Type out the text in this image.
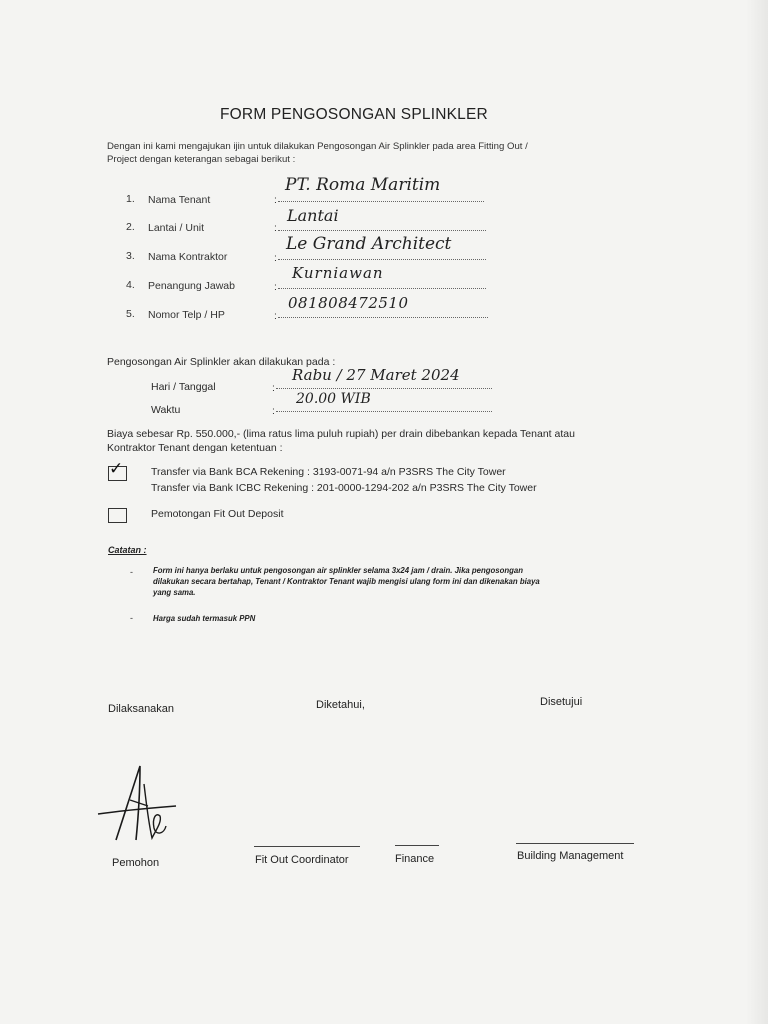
FORM PENGOSONGAN SPLINKLER
Dengan ini kami mengajukan ijin untuk dilakukan Pengosongan Air Splinkler pada area Fitting Out /
Project dengan keterangan sebagai berikut :
1. Nama Tenant	:
PT. Roma Maritim
2. Lantai / Unit	:
Lantai
3. Nama Kontraktor	:
Le Grand Architect
4. Penangung Jawab	:
Kurniawan
5. Nomor Telp / HP	:
081808472510
Pengosongan Air Splinkler akan dilakukan pada :
Hari / Tanggal	:
Rabu / 27 Maret 2024
Waktu	:
20.00 WIB
Biaya sebesar Rp. 550.000,- (lima ratus lima puluh rupiah) per drain dibebankan kepada Tenant atau
Kontraktor Tenant dengan ketentuan :
✓	Transfer via Bank BCA Rekening : 3193-0071-94 a/n P3SRS The City Tower
Transfer via Bank ICBC Rekening : 201-0000-1294-202 a/n P3SRS The City Tower
Pemotongan Fit Out Deposit
Catatan :
-	Form ini hanya berlaku untuk pengosongan air splinkler selama 3x24 jam / drain. Jika pengosongan
dilakukan secara bertahap, Tenant / Kontraktor Tenant wajib mengisi ulang form ini dan dikenakan biaya
yang sama.
-	Harga sudah termasuk PPN
Dilaksanakan	Diketahui,	Disetujui
Pemohon	Fit Out Coordinator	Finance	Building Management
